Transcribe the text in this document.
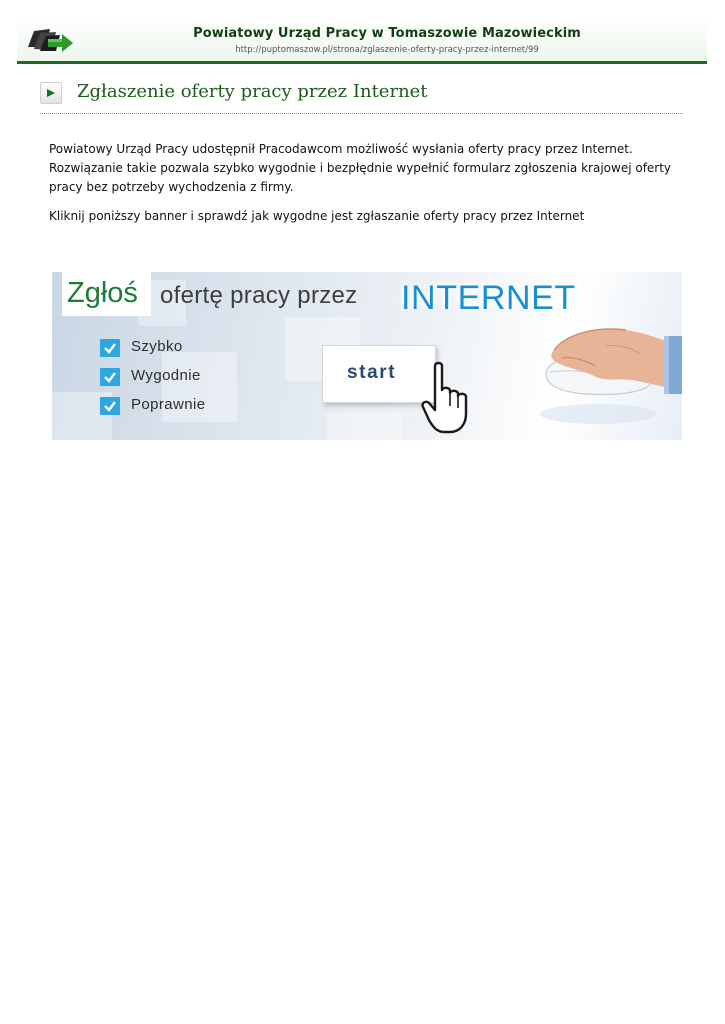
Powiatowy Urząd Pracy w Tomaszowie Mazowieckim
http://puptomaszow.pl/strona/zglaszenie-oferty-pracy-przez-internet/99
Zgłaszenie oferty pracy przez Internet

Powiatowy Urząd Pracy udostępnił Pracodawcom możliwość wysłania oferty pracy przez Internet. Rozwiązanie takie pozwala szybko wygodnie i bezpłędnie wypełnić formularz zgłoszenia krajowej oferty pracy bez potrzeby wychodzenia z firmy.

Kliknij poniższy banner i sprawdź jak wygodne jest zgłaszanie oferty pracy przez Internet

Zgłoś ofertę pracy przez INTERNET
Szybko
Wygodnie
Poprawnie
start
